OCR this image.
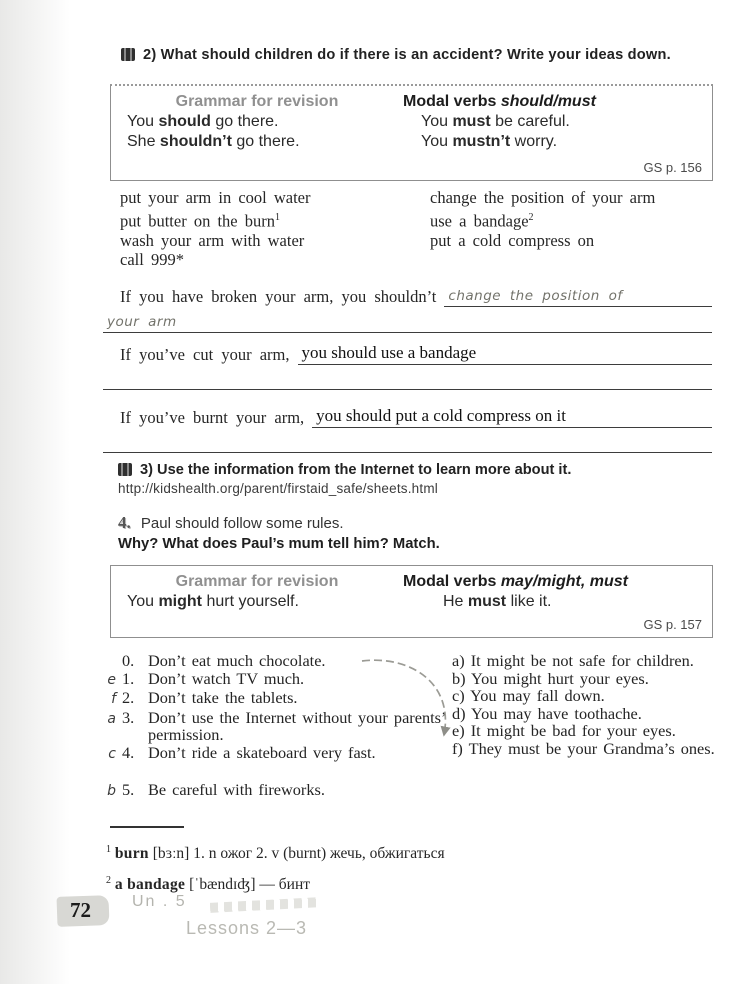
2) What should children do if there is an accident? Write your ideas down.
Grammar for revision	Modal verbs should/must
You should go there.	You must be careful.
She shouldn’t go there.	You mustn’t worry.
GS p. 156
put your arm in cool water
put butter on the burn$^1$
wash your arm with water
call 999*
change the position of your arm
use a bandage$^2$
put a cold compress on
If you have broken your arm, you shouldn’t change the position of
your arm
If you’ve cut your arm, you should use a bandage
If you’ve burnt your arm, you should put a cold compress on it
3) Use the information from the Internet to learn more about it.
http://kidshealth.org/parent/firstaid_safe/sheets.html
4. Paul should follow some rules.
Why? What does Paul’s mum tell him? Match.
Grammar for revision	Modal verbs may/might, must
You might hurt yourself.	He must like it.
GS p. 157
0. Don’t eat much chocolate.
e 1. Don’t watch TV much.
f 2. Don’t take the tablets.
a 3. Don’t use the Internet without your parents’ permission.
c 4. Don’t ride a skateboard very fast.
b 5. Be careful with fireworks.
a) It might be not safe for children.
b) You might hurt your eyes.
c) You may fall down.
d) You may have toothache.
e) It might be bad for your eyes.
f) They must be your Grandma’s ones.
$^1$ burn [bɜːn] 1. n ожог 2. v (burnt) жечь, обжигаться
$^2$ a bandage [ˈbændɪʤ] — бинт
72	Un . 5
Lessons 2—3
